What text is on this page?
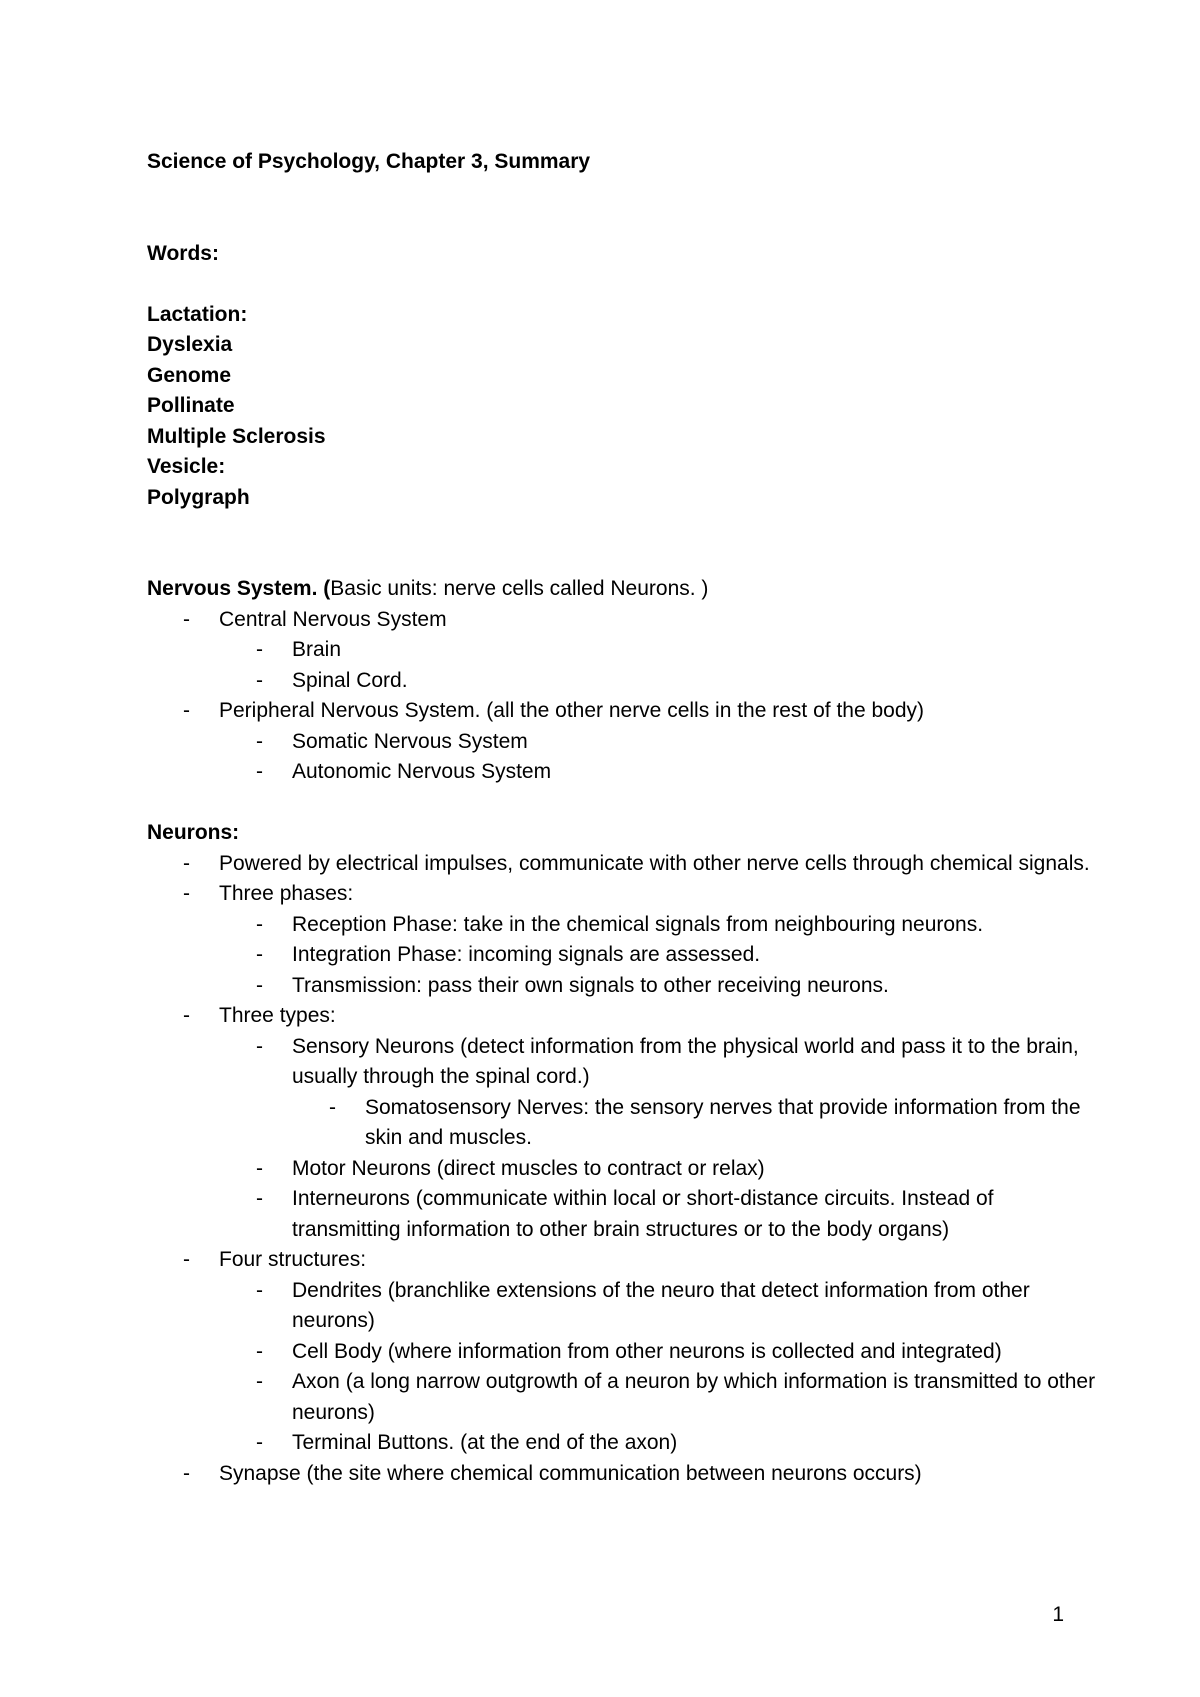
Science of Psychology, Chapter 3, Summary

Words:

Lactation:

Dyslexia

Genome

Pollinate

Multiple Sclerosis

Vesicle:

Polygraph

Nervous System. (Basic units: nerve cells called Neurons. )

-	Central Nervous System

-	Brain

-	Spinal Cord.

-	Peripheral Nervous System. (all the other nerve cells in the rest of the body)

-	Somatic Nervous System

-	Autonomic Nervous System

Neurons:

-	Powered by electrical impulses, communicate with other nerve cells through chemical signals.

-	Three phases:

-	Reception Phase: take in the chemical signals from neighbouring neurons.

-	Integration Phase: incoming signals are assessed.

-	Transmission: pass their own signals to other receiving neurons.

-	Three types:

-	Sensory Neurons (detect information from the physical world and pass it to the brain, usually through the spinal cord.)

-	Somatosensory Nerves: the sensory nerves that provide information from the skin and muscles.

-	Motor Neurons (direct muscles to contract or relax)

-	Interneurons (communicate within local or short-distance circuits. Instead of transmitting information to other brain structures or to the body organs)

-	Four structures:

-	Dendrites (branchlike extensions of the neuro that detect information from other neurons)

-	Cell Body (where information from other neurons is collected and integrated)

-	Axon (a long narrow outgrowth of a neuron by which information is transmitted to other neurons)

-	Terminal Buttons. (at the end of the axon)

-	Synapse (the site where chemical communication between neurons occurs)

1
